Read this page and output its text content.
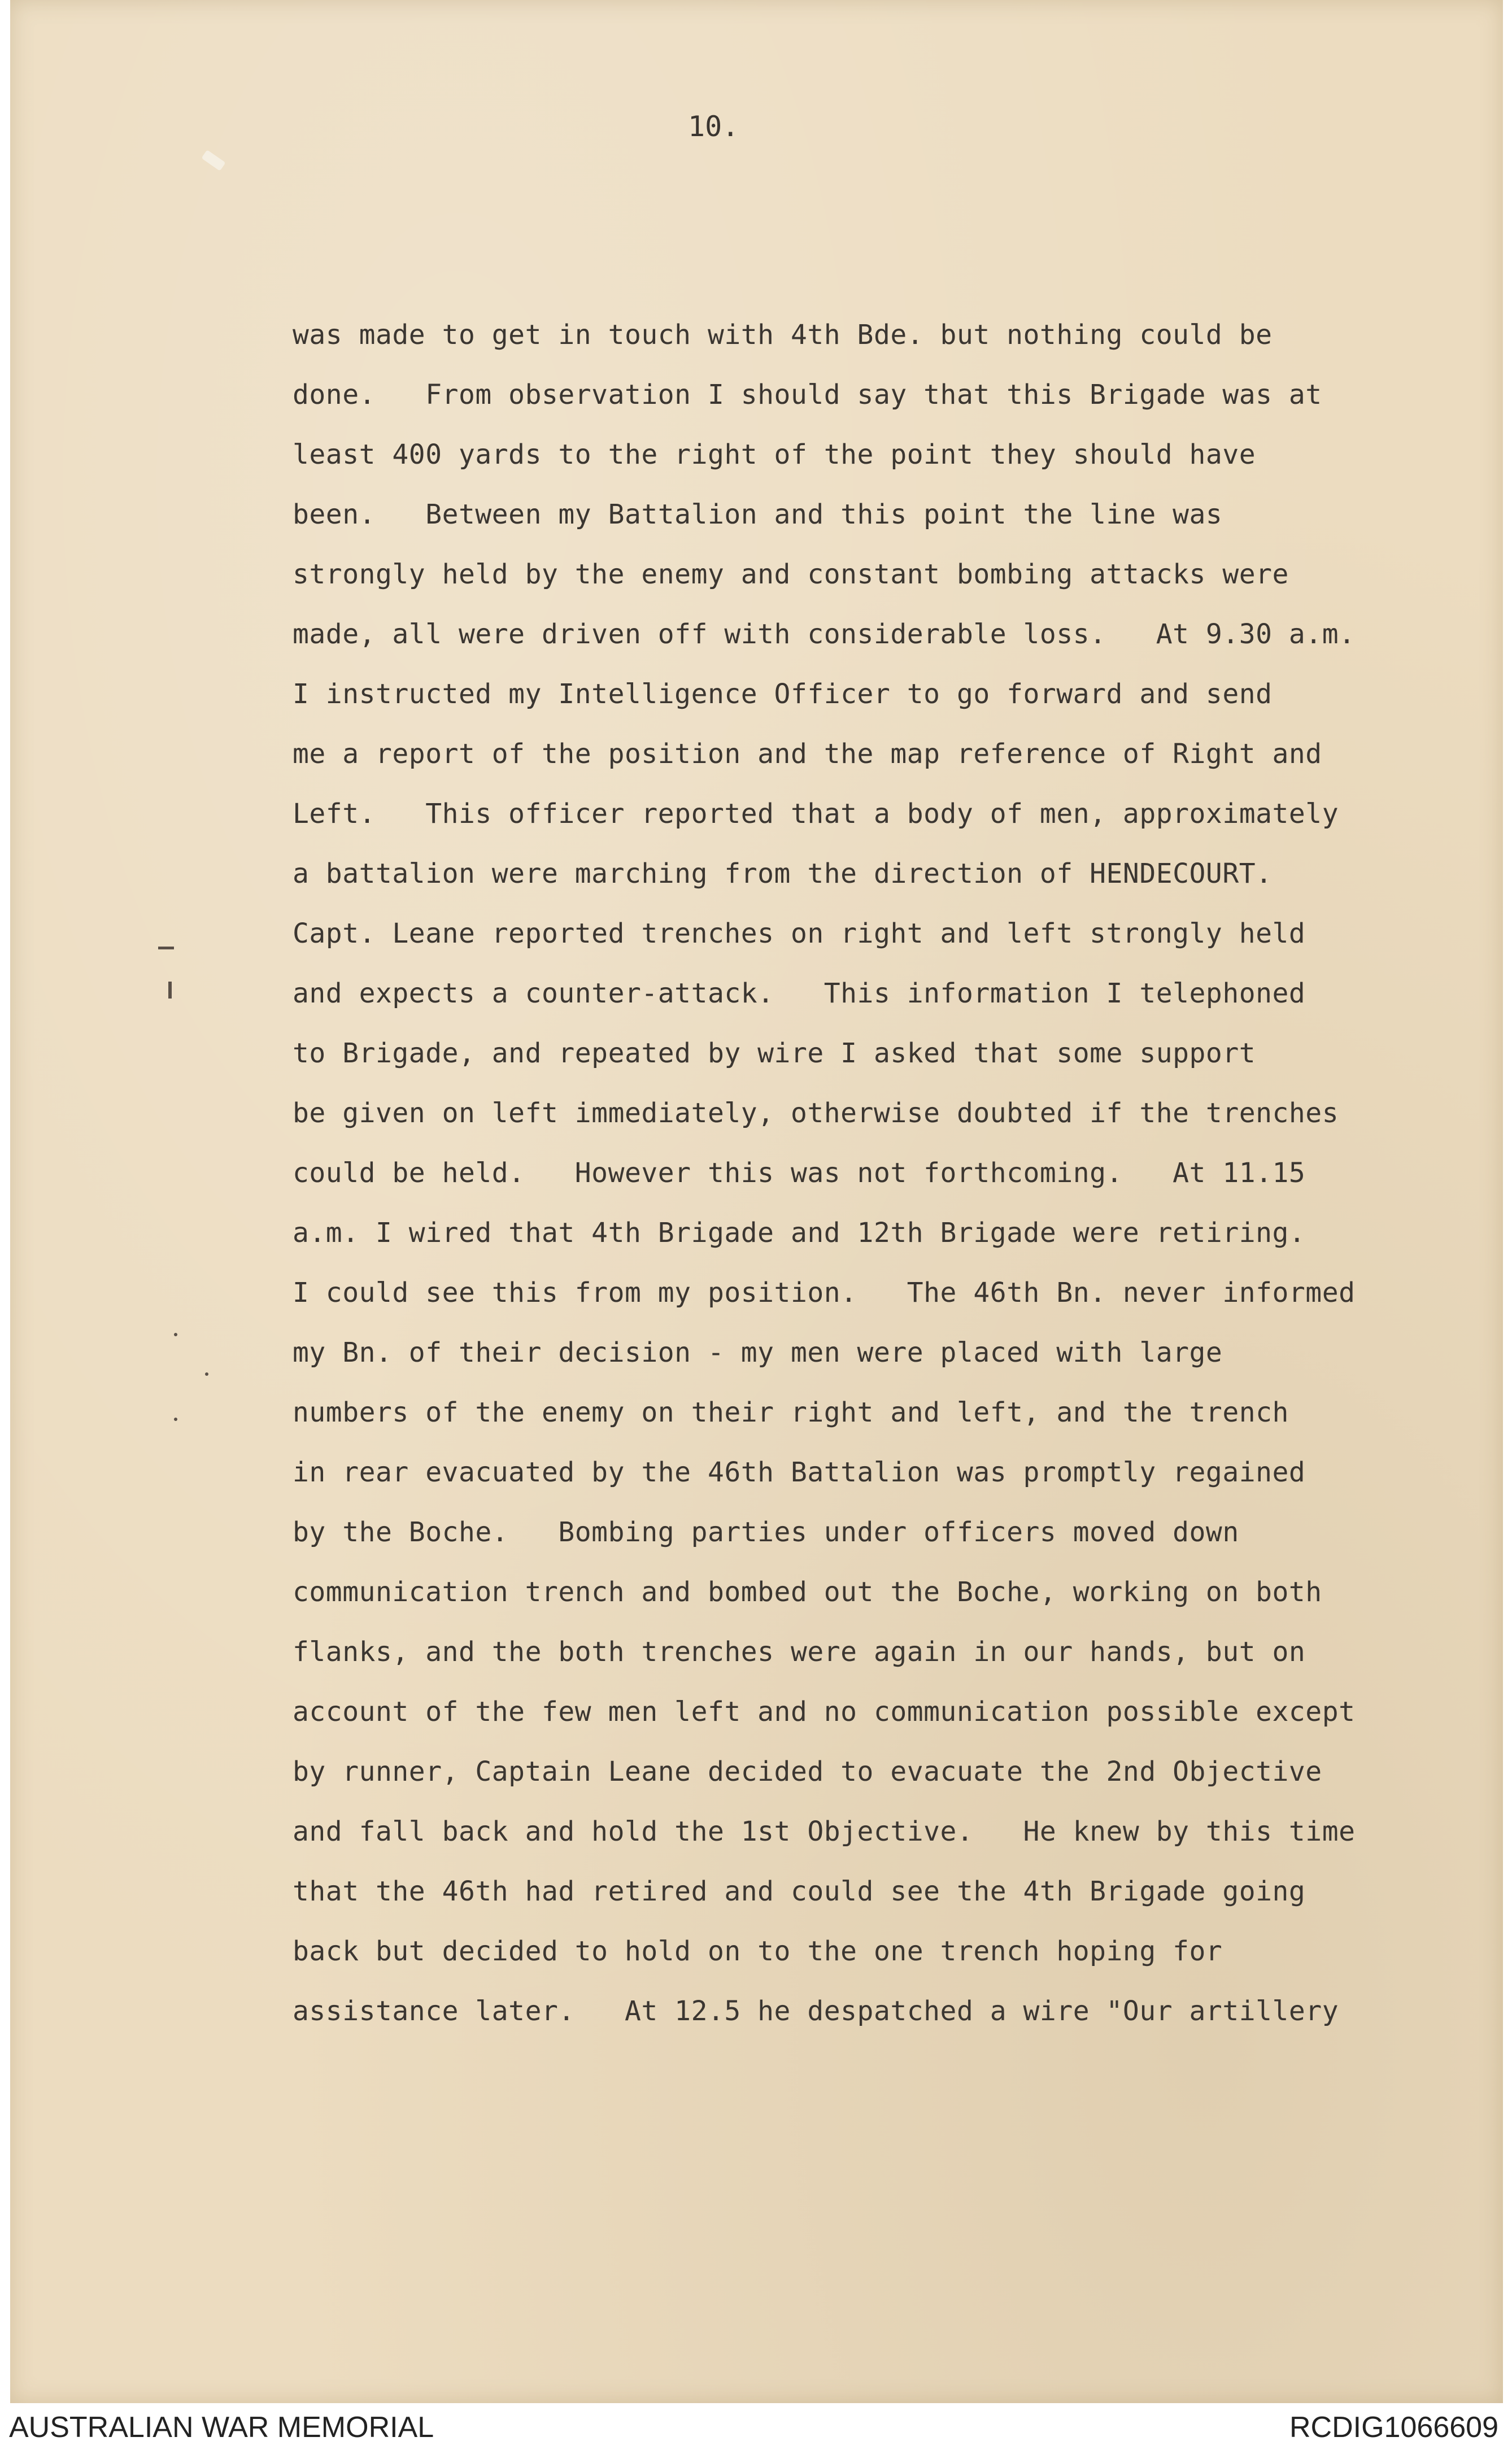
10.

was made to get in touch with 4th Bde. but nothing could be

done.   From observation I should say that this Brigade was at

least 400 yards to the right of the point they should have

been.   Between my Battalion and this point the line was

strongly held by the enemy and constant bombing attacks were

made, all were driven off with considerable loss.   At 9.30 a.m.

I instructed my Intelligence Officer to go forward and send

me a report of the position and the map reference of Right and

Left.   This officer reported that a body of men, approximately

a battalion were marching from the direction of HENDECOURT.

Capt. Leane reported trenches on right and left strongly held

and expects a counter-attack.   This information I telephoned

to Brigade, and repeated by wire I asked that some support

be given on left immediately, otherwise doubted if the trenches

could be held.   However this was not forthcoming.   At 11.15

a.m. I wired that 4th Brigade and 12th Brigade were retiring.

I could see this from my position.   The 46th Bn. never informed

my Bn. of their decision - my men were placed with large

numbers of the enemy on their right and left, and the trench

in rear evacuated by the 46th Battalion was promptly regained

by the Boche.   Bombing parties under officers moved down

communication trench and bombed out the Boche, working on both

flanks, and the both trenches were again in our hands, but on

account of the few men left and no communication possible except

by runner, Captain Leane decided to evacuate the 2nd Objective

and fall back and hold the 1st Objective.   He knew by this time

that the 46th had retired and could see the 4th Brigade going

back but decided to hold on to the one trench hoping for

assistance later.   At 12.5 he despatched a wire "Our artillery

AUSTRALIAN WAR MEMORIAL	RCDIG1066609
